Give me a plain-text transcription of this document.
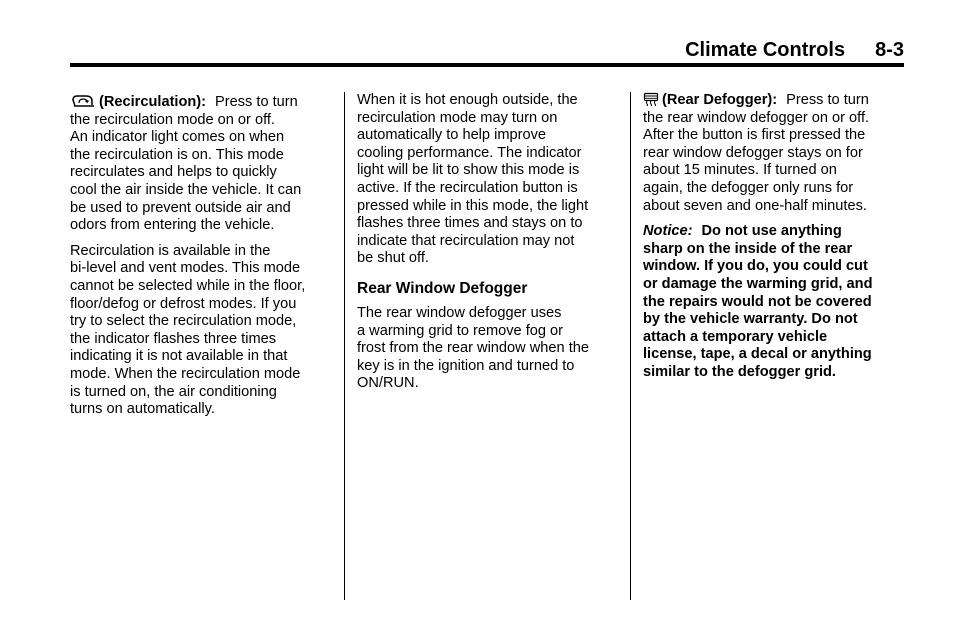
Climate Controls 8-3

(Recirculation): Press to turn
the recirculation mode on or off.
An indicator light comes on when
the recirculation is on. This mode
recirculates and helps to quickly
cool the air inside the vehicle. It can
be used to prevent outside air and
odors from entering the vehicle.

Recirculation is available in the
bi-level and vent modes. This mode
cannot be selected while in the floor,
floor/defog or defrost modes. If you
try to select the recirculation mode,
the indicator flashes three times
indicating it is not available in that
mode. When the recirculation mode
is turned on, the air conditioning
turns on automatically.

When it is hot enough outside, the
recirculation mode may turn on
automatically to help improve
cooling performance. The indicator
light will be lit to show this mode is
active. If the recirculation button is
pressed while in this mode, the light
flashes three times and stays on to
indicate that recirculation may not
be shut off.

Rear Window Defogger

The rear window defogger uses
a warming grid to remove fog or
frost from the rear window when the
key is in the ignition and turned to
ON/RUN.

(Rear Defogger): Press to turn
the rear window defogger on or off.
After the button is first pressed the
rear window defogger stays on for
about 15 minutes. If turned on
again, the defogger only runs for
about seven and one-half minutes.

Notice: Do not use anything
sharp on the inside of the rear
window. If you do, you could cut
or damage the warming grid, and
the repairs would not be covered
by the vehicle warranty. Do not
attach a temporary vehicle
license, tape, a decal or anything
similar to the defogger grid.
